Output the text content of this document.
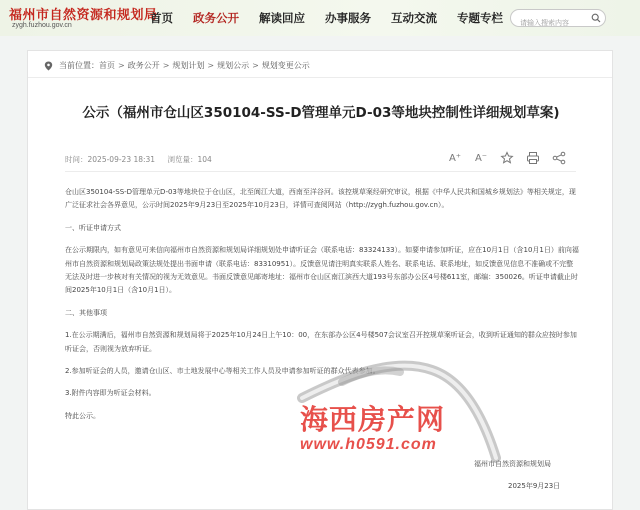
福州市自然资源和规划局
zygh.fuzhou.gov.cn
首页 政务公开 解读回应 办事服务 互动交流 专题专栏
请输入搜索内容
当前位置： 首页 > 政务公开 > 规划计划 > 规划公示 > 规划变更公示
公示（福州市仓山区350104-SS-D管理单元D-03等地块控制性详细规划草案)
时间：2025-09-23 18:31 浏览量：104	A⁺ A⁻

仓山区350104-SS-D管理单元D-03等地块位于仓山区，北至阆江大道，西南至洋谷河。该控规草案经研究审议，根据《中华人民共和国城乡规划法》等相关规定，现广泛征求社会各界意见，公示时间2025年9月23日至2025年10月23日，详情可查阅网站（http://zygh.fuzhou.gov.cn）。

一、听证申请方式

在公示期限内，如有意见可来信向福州市自然资源和规划局详细规划处申请听证会（联系电话：83324133）。如要申请参加听证，应在10月1日（含10月1日）前向福州市自然资源和规划局政策法规处提出书面申请（联系电话：83310951）。反馈意见请注明真实联系人姓名、联系电话、联系地址，如反馈意见信息不准确或不完整无法及时进一步核对有关情况的视为无效意见。书面反馈意见邮寄地址：福州市仓山区南江滨西大道193号东部办公区4号楼611室，邮编：350026。听证申请截止时间2025年10月1日（含10月1日）。

二、其他事项

1.在公示期满后，福州市自然资源和规划局将于2025年10月24日上午10：00，在东部办公区4号楼507会议室召开控规草案听证会，收到听证通知的群众应按时参加听证会，否则视为放弃听证。

2.参加听证会的人员，邀请仓山区、市土地发展中心等相关工作人员及申请参加听证的群众代表参加。

3.附件内容即为听证会材料。

特此公示。

福州市自然资源和规划局
2025年9月23日
海西房产网
www.h0591.com
